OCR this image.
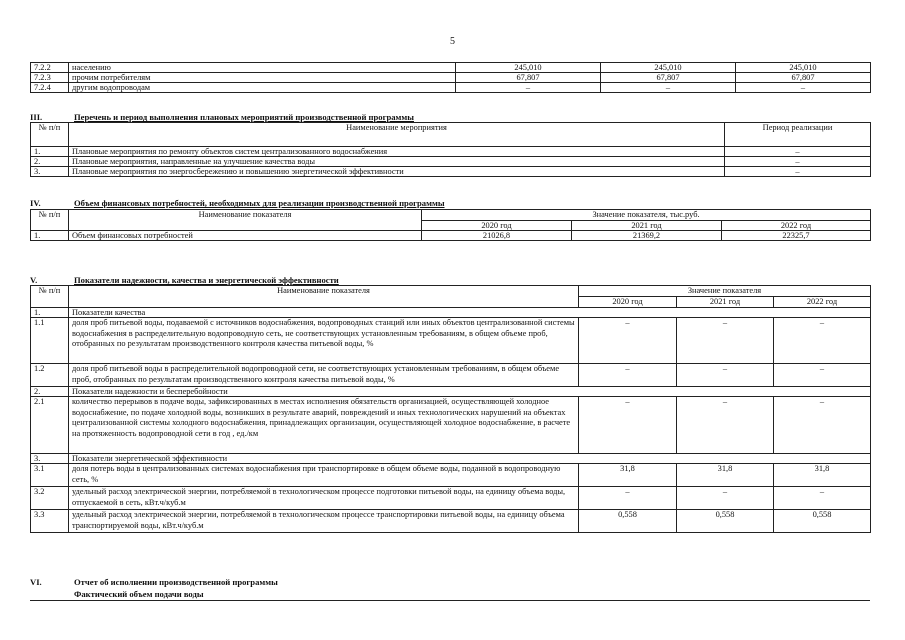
5
7.2.2	населению	245,010	245,010	245,010
7.2.3	прочим потребителям	67,807	67,807	67,807
7.2.4	другим водопроводам	–	–	–
III.	Перечень и период выполнения плановых мероприятий производственной программы
№ п/п	Наименование мероприятия	Период реализации
1.	Плановые мероприятия по ремонту объектов систем централизованного водоснабжения	–
2.	Плановые мероприятия, направленные на улучшение качества воды	–
3.	Плановые мероприятия по энергосбережению и повышению энергетической эффективности	–
IV.	Объем финансовых потребностей, необходимых для реализации производственной программы
№ п/п	Наименование показателя	Значение показателя, тыс.руб.		
		2020 год	2021 год	2022 год
1.	Объем финансовых потребностей	21026,8	21369,2	22325,7
V.	Показатели надежности, качества и энергетической эффективности
№ п/п	Наименование показателя	Значение показателя		
		2020 год	2021 год	2022 год
1.	Показатели качества			
1.1	доля проб питьевой воды, подаваемой с источников водоснабжения, водопроводных станций или иных объектов централизованной системы водоснабжения в распределительную водопроводную сеть, не соответствующих установленным требованиям, в общем объеме проб, отобранных по результатам производственного контроля качества питьевой воды, %	–	–	–
1.2	доля проб питьевой воды в распределительной водопроводной сети, не соответствующих установленным требованиям, в общем объеме проб, отобранных по результатам производственного контроля качества питьевой воды, %	–	–	–
2.	Показатели надежности и бесперебойности			
2.1	количество перерывов в подаче воды, зафиксированных в местах исполнения обязательств организацией, осуществляющей холодное водоснабжение, по подаче холодной воды, возникших в результате аварий, повреждений и иных технологических нарушений на объектах централизованной системы холодного водоснабжения, принадлежащих организации, осуществляющей холодное водоснабжение, в расчете на протяженность водопроводной сети в год , ед./км	–	–	–
3.	Показатели энергетической эффективности			
3.1	доля потерь воды в централизованных системах водоснабжения при транспортировке в общем объеме воды, поданной в водопроводную сеть, %	31,8	31,8	31,8
3.2	удельный расход электрической энергии, потребляемой в технологическом процессе подготовки питьевой воды, на единицу объема воды, отпускаемой в сеть, кВт.ч/куб.м	–	–	–
3.3	удельный расход электрической энергии, потребляемой в технологическом процессе транспортировки питьевой воды, на единицу объема транспортируемой воды, кВт.ч/куб.м	0,558	0,558	0,558
VI.	Отчет об исполнении производственной программы
Фактический объем подачи воды
